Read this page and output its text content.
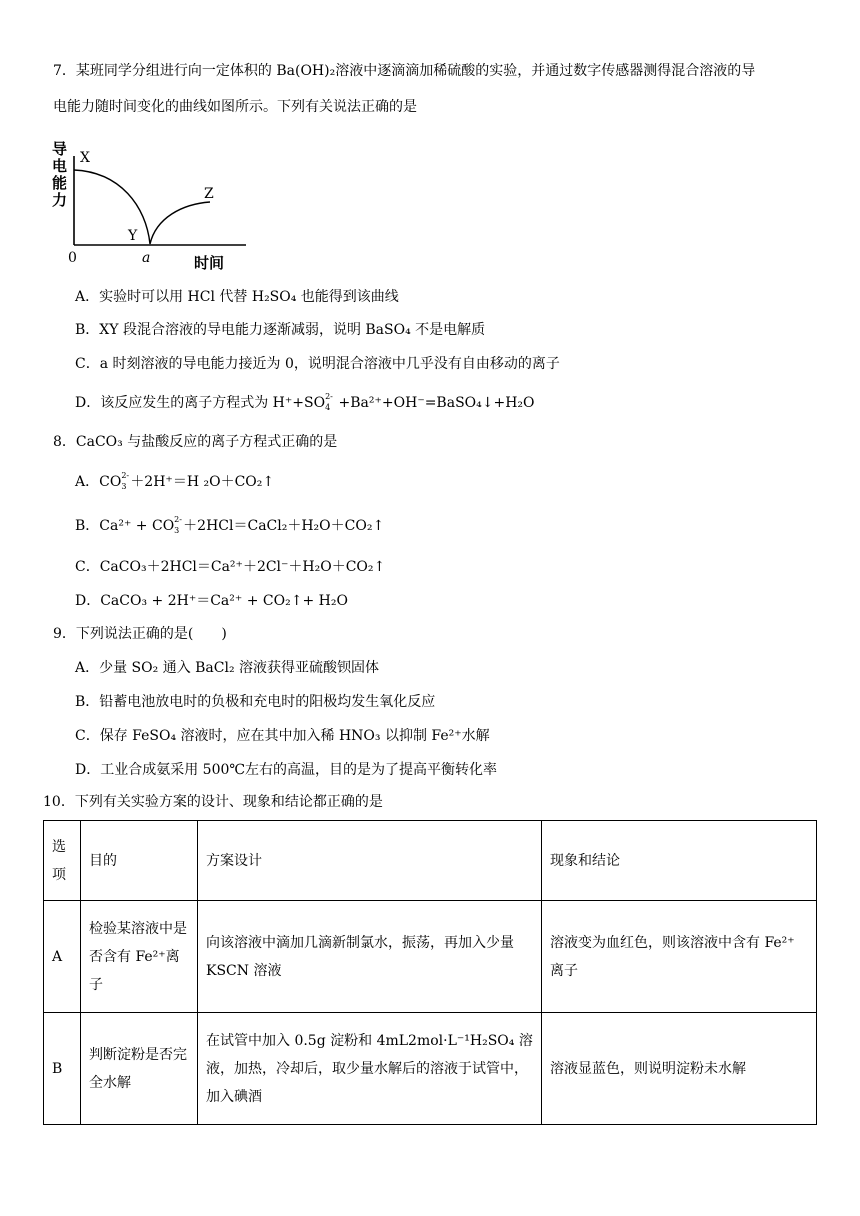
7．某班同学分组进行向一定体积的 Ba(OH)₂溶液中逐滴滴加稀硫酸的实验，并通过数字传感器测得混合溶液的导
电能力随时间变化的曲线如图所示。下列有关说法正确的是
导
电
能
力
X
Y
Z
0	a	时间
A．实验时可以用 HCl 代替 H₂SO₄ 也能得到该曲线
B．XY 段混合溶液的导电能力逐渐减弱，说明 BaSO₄ 不是电解质
C．a 时刻溶液的导电能力接近为 0，说明混合溶液中几乎没有自由移动的离子
D．该反应发生的离子方程式为 H⁺+SO 2-
4 +Ba²⁺+OH⁻=BaSO₄↓+H₂O
8．CaCO₃ 与盐酸反应的离子方程式正确的是
A．CO 2-
3 ＋2H⁺＝H ₂O＋CO₂↑
B．Ca²⁺ + CO 2-
3 ＋2HCl＝CaCl₂＋H₂O＋CO₂↑
C．CaCO₃＋2HCl＝Ca²⁺＋2Cl⁻＋H₂O＋CO₂↑
D．CaCO₃ + 2H⁺＝Ca²⁺ + CO₂↑+ H₂O
9．下列说法正确的是(　　)
A．少量 SO₂ 通入 BaCl₂ 溶液获得亚硫酸钡固体
B．铅蓄电池放电时的负极和充电时的阳极均发生氧化反应
C．保存 FeSO₄ 溶液时，应在其中加入稀 HNO₃ 以抑制 Fe²⁺水解
D．工业合成氨采用 500℃左右的高温，目的是为了提高平衡转化率
10．下列有关实验方案的设计、现象和结论都正确的是
选项	目的	方案设计	现象和结论
A	检验某溶液中是否含有 Fe²⁺离子	向该溶液中滴加几滴新制氯水，振荡，再加入少量 KSCN 溶液	溶液变为血红色，则该溶液中含有 Fe²⁺离子
B	判断淀粉是否完全水解	在试管中加入 0.5g 淀粉和 4mL2mol·L⁻¹H₂SO₄ 溶液，加热，冷却后，取少量水解后的溶液于试管中，加入碘酒	溶液显蓝色，则说明淀粉未水解
